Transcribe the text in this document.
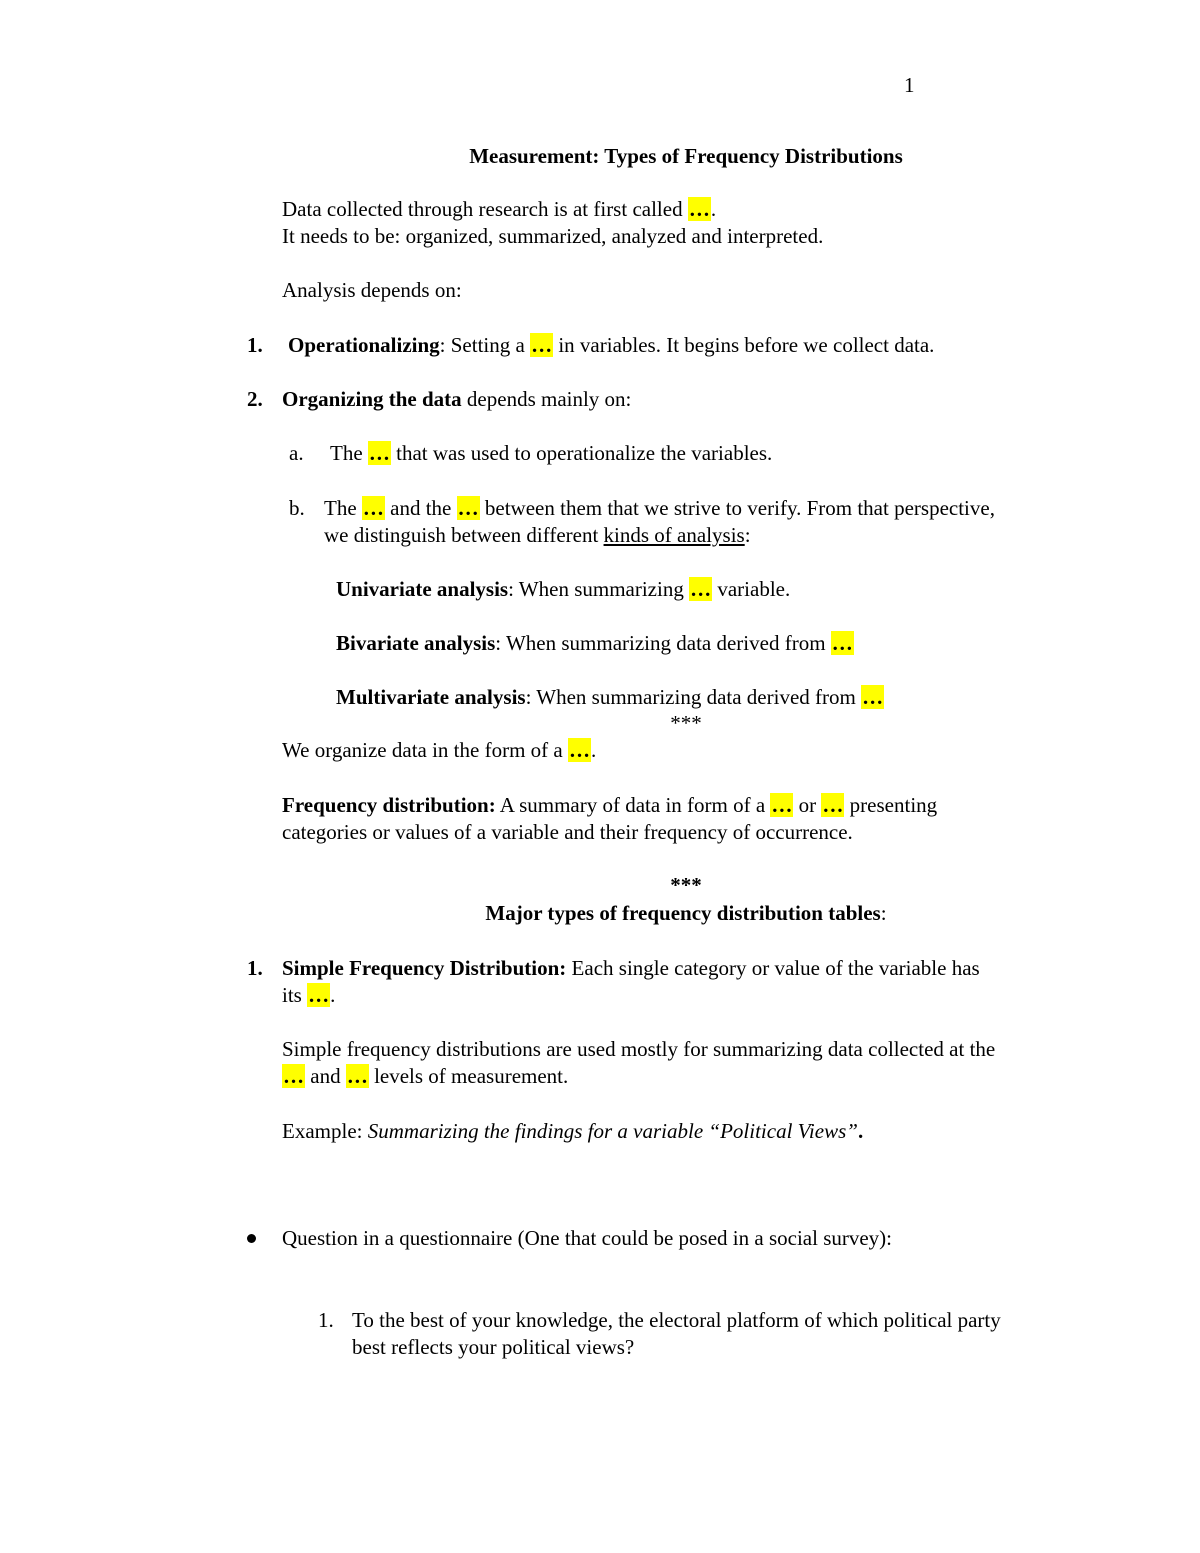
1
Measurement: Types of Frequency Distributions
Data collected through research is at first called ….
It needs to be: organized, summarized, analyzed and interpreted.
Analysis depends on:
1. Operationalizing: Setting a … in variables. It begins before we collect data.
2. Organizing the data depends mainly on:
a. The … that was used to operationalize the variables.
b. The … and the … between them that we strive to verify. From that perspective,
we distinguish between different kinds of analysis:
Univariate analysis: When summarizing … variable.
Bivariate analysis: When summarizing data derived from …
Multivariate analysis: When summarizing data derived from …
***
We organize data in the form of a ….
Frequency distribution: A summary of data in form of a … or … presenting
categories or values of a variable and their frequency of occurrence.
***
Major types of frequency distribution tables:
1. Simple Frequency Distribution: Each single category or value of the variable has
its ….
Simple frequency distributions are used mostly for summarizing data collected at the
… and … levels of measurement.
Example: Summarizing the findings for a variable “Political Views”.
Question in a questionnaire (One that could be posed in a social survey):
1. To the best of your knowledge, the electoral platform of which political party
best reflects your political views?
